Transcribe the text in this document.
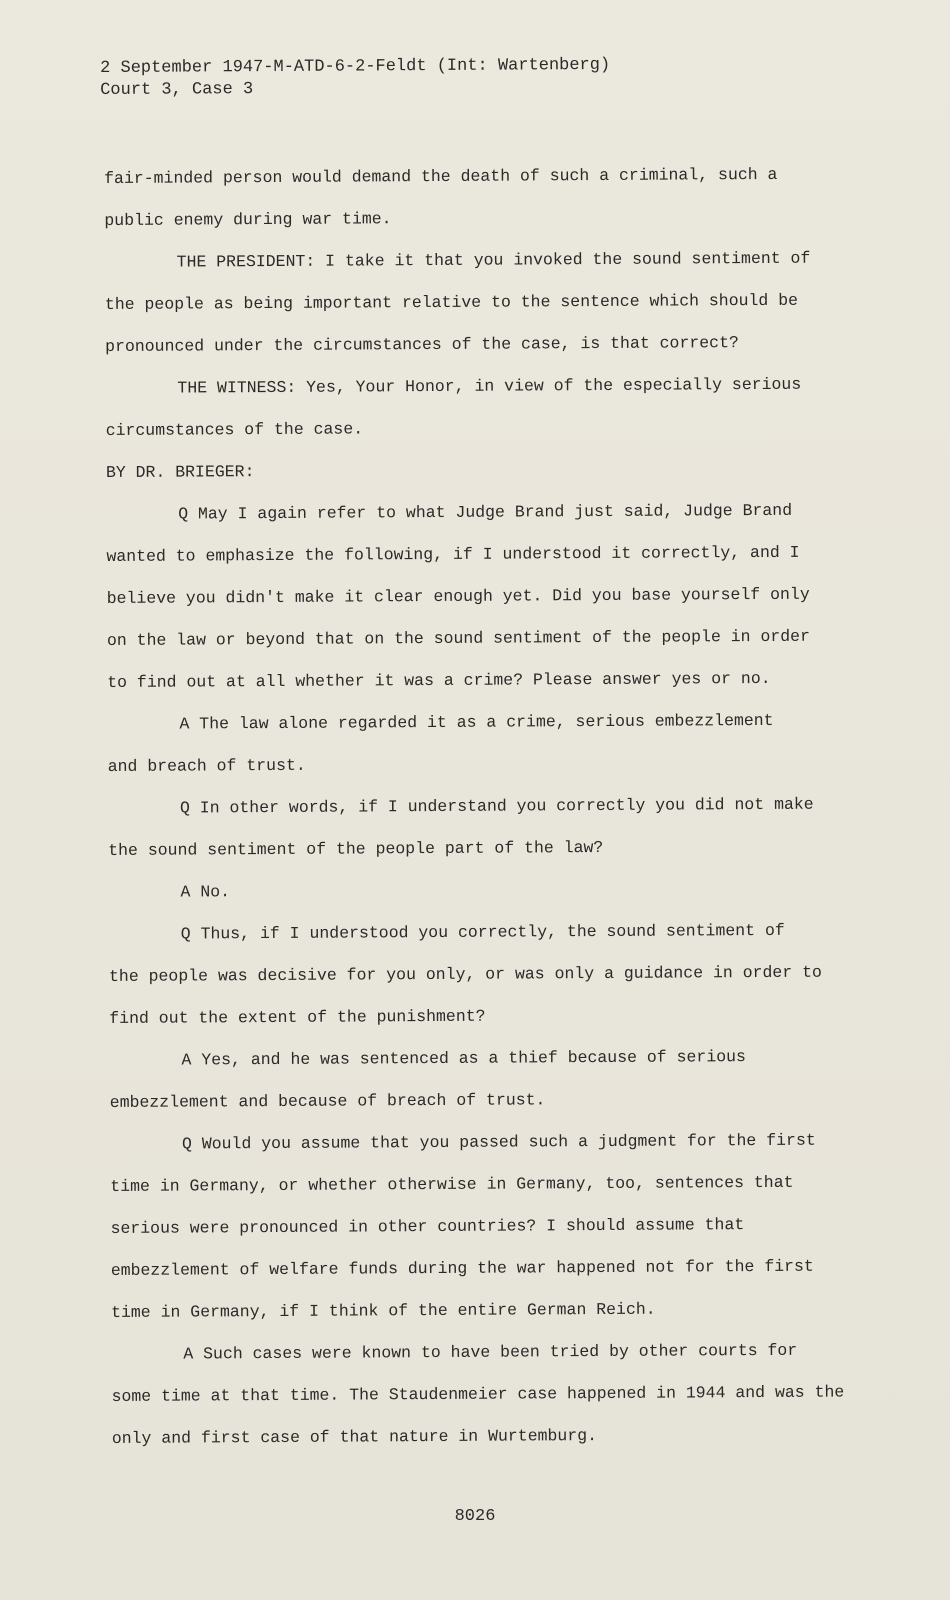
2 September 1947-M-ATD-6-2-Feldt (Int: Wartenberg)
Court 3, Case 3
fair-minded person would demand the death of such a criminal, such a
public enemy during war time.
THE PRESIDENT: I take it that you invoked the sound sentiment of
the people as being important relative to the sentence which should be
pronounced under the circumstances of the case, is that correct?
THE WITNESS: Yes, Your Honor, in view of the especially serious
circumstances of the case.
BY DR. BRIEGER:
Q May I again refer to what Judge Brand just said, Judge Brand
wanted to emphasize the following, if I understood it correctly, and I
believe you didn't make it clear enough yet. Did you base yourself only
on the law or beyond that on the sound sentiment of the people in order
to find out at all whether it was a crime? Please answer yes or no.
A The law alone regarded it as a crime, serious embezzlement
and breach of trust.
Q In other words, if I understand you correctly you did not make
the sound sentiment of the people part of the law?
A No.
Q Thus, if I understood you correctly, the sound sentiment of
the people was decisive for you only, or was only a guidance in order to
find out the extent of the punishment?
A Yes, and he was sentenced as a thief because of serious
embezzlement and because of breach of trust.
Q Would you assume that you passed such a judgment for the first
time in Germany, or whether otherwise in Germany, too, sentences that
serious were pronounced in other countries? I should assume that
embezzlement of welfare funds during the war happened not for the first
time in Germany, if I think of the entire German Reich.
A Such cases were known to have been tried by other courts for
some time at that time. The Staudenmeier case happened in 1944 and was the
only and first case of that nature in Wurtemburg.
8026
